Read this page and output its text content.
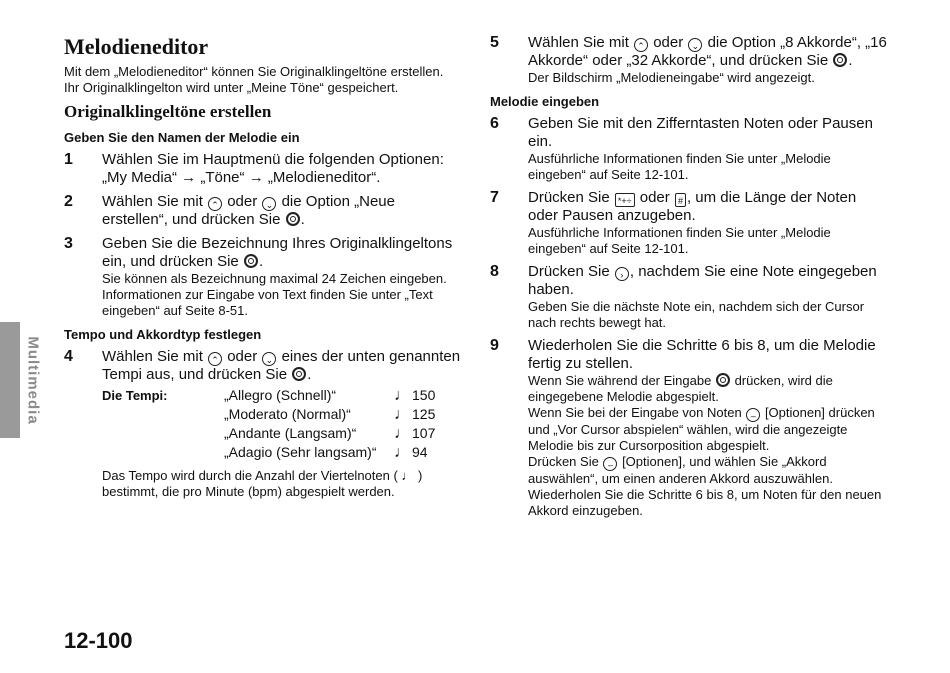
Multimedia
Melodieneditor

Mit dem „Melodieneditor“ können Sie Originalklingeltöne erstellen.

Ihr Originalklingelton wird unter „Meine Töne“ gespeichert.

Originalklingeltöne erstellen
Geben Sie den Namen der Melodie ein
1 Wählen Sie im Hauptmenü die folgenden Optionen: „My Media“ → „Töne“ → „Melodieneditor“.
2 Wählen Sie mit ⌃ oder ⌄ die Option „Neue erstellen“, und drücken Sie .
3 Geben Sie die Bezeichnung Ihres Originalklingeltons ein, und drücken Sie .
Sie können als Bezeichnung maximal 24 Zeichen eingeben. Informationen zur Eingabe von Text finden Sie unter „Text eingeben“ auf Seite 8-51.
Tempo und Akkordtyp festlegen
4 Wählen Sie mit ⌃ oder ⌄ eines der unten genannten Tempi aus, und drücken Sie .
Die Tempi:	„Allegro (Schnell)“	♩	150
	„Moderato (Normal)“	♩	125
	„Andante (Langsam)“	♩	107
	„Adagio (Sehr langsam)“	♩	94
Das Tempo wird durch die Anzahl der Viertelnoten ( ♩ ) bestimmt, die pro Minute (bpm) abgespielt werden.
5 Wählen Sie mit ⌃ oder ⌄ die Option „8 Akkorde“, „16 Akkorde“ oder „32 Akkorde“, und drücken Sie .
Der Bildschirm „Melodieneingabe“ wird angezeigt.
Melodie eingeben
6 Geben Sie mit den Zifferntasten Noten oder Pausen ein.
Ausführliche Informationen finden Sie unter „Melodie eingeben“ auf Seite 12-101.
7 Drücken Sie *+÷ oder # , um die Länge der Noten oder Pausen anzugeben.
Ausführliche Informationen finden Sie unter „Melodie eingeben“ auf Seite 12-101.
8 Drücken Sie › , nachdem Sie eine Note eingegeben haben.
Geben Sie die nächste Note ein, nachdem sich der Cursor nach rechts bewegt hat.
9 Wiederholen Sie die Schritte 6 bis 8, um die Melodie fertig zu stellen.
Wenn Sie während der Eingabe drücken, wird die eingegebene Melodie abgespielt.
Wenn Sie bei der Eingabe von Noten – [Optionen] drücken und „Vor Cursor abspielen“ wählen, wird die angezeigte Melodie bis zur Cursorposition abgespielt.
Drücken Sie – [Optionen], und wählen Sie „Akkord auswählen“, um einen anderen Akkord auszuwählen. Wiederholen Sie die Schritte 6 bis 8, um Noten für den neuen Akkord einzugeben.
12-100
